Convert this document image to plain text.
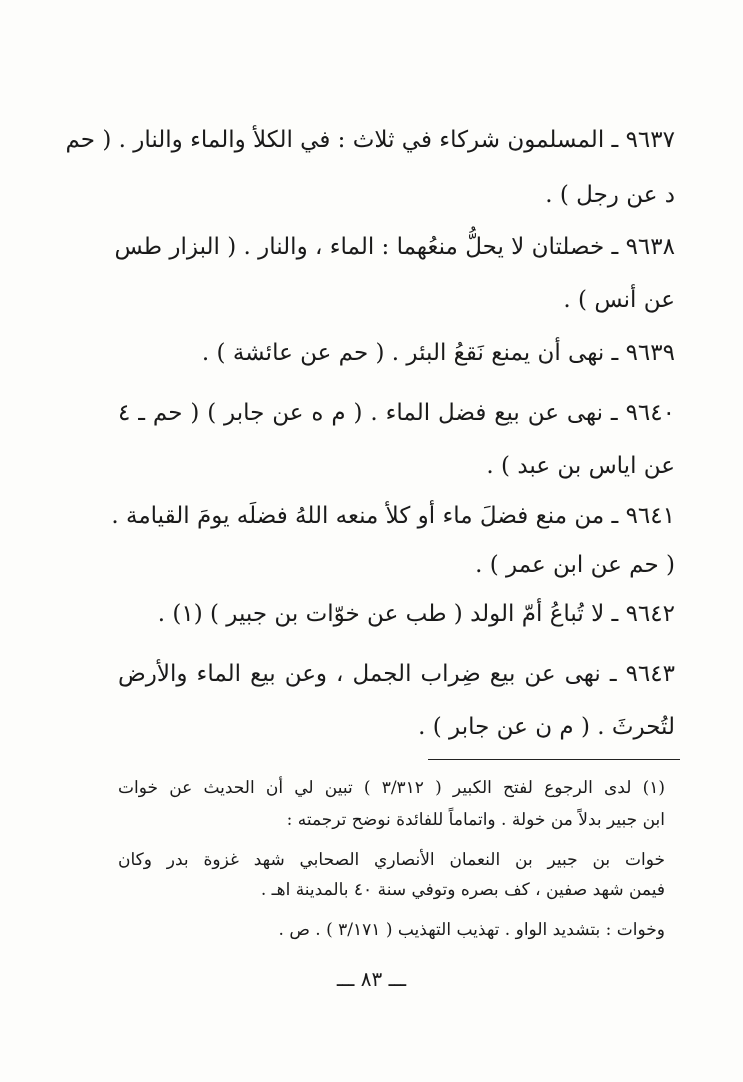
٩٦٣٧ ـ المسلمون شركاء في ثلاث : في الكلأ والماء والنار . ( حم
د عن رجل ) .
٩٦٣٨ ـ خصلتان لا يحلُّ منعُهما : الماء ، والنار . ( البزار طس
عن أنس ) .
٩٦٣٩ ـ نهى أن يمنع نَقعُ البئر . ( حم عن عائشة ) .
٩٦٤٠ ـ نهى عن بيع فضل الماء . ( م ه عن جابر ) ( حم ـ ٤
عن اياس بن عبد ) .
٩٦٤١ ـ من منع فضلَ ماء أو كلأ منعه اللهُ فضلَه يومَ القيامة .
( حم عن ابن عمر ) .
٩٦٤٢ ـ لا تُباعُ أمّ الولد ( طب عن خوّات بن جبير ) (١) .
٩٦٤٣ ـ نهى عن بيع ضِراب الجمل ، وعن بيع الماء والأرض
لتُحرثَ . ( م ن عن جابر ) .
(١) لدى الرجوع لفتح الكبير ( ٣/٣١٢ ) تبين لي أن الحديث عن خوات
ابن جبير بدلاً من خولة . واتماماً للفائدة نوضح ترجمته :
خوات بن جبير بن النعمان الأنصاري الصحابي شهد غزوة بدر وكان
فيمن شهد صفين ، كف بصره وتوفي سنة ٤٠ بالمدينة اهـ .
وخوات : بتشديد الواو . تهذيب التهذيب ( ٣/١٧١ ) . ص .
ـــ ٨٣ ـــ
